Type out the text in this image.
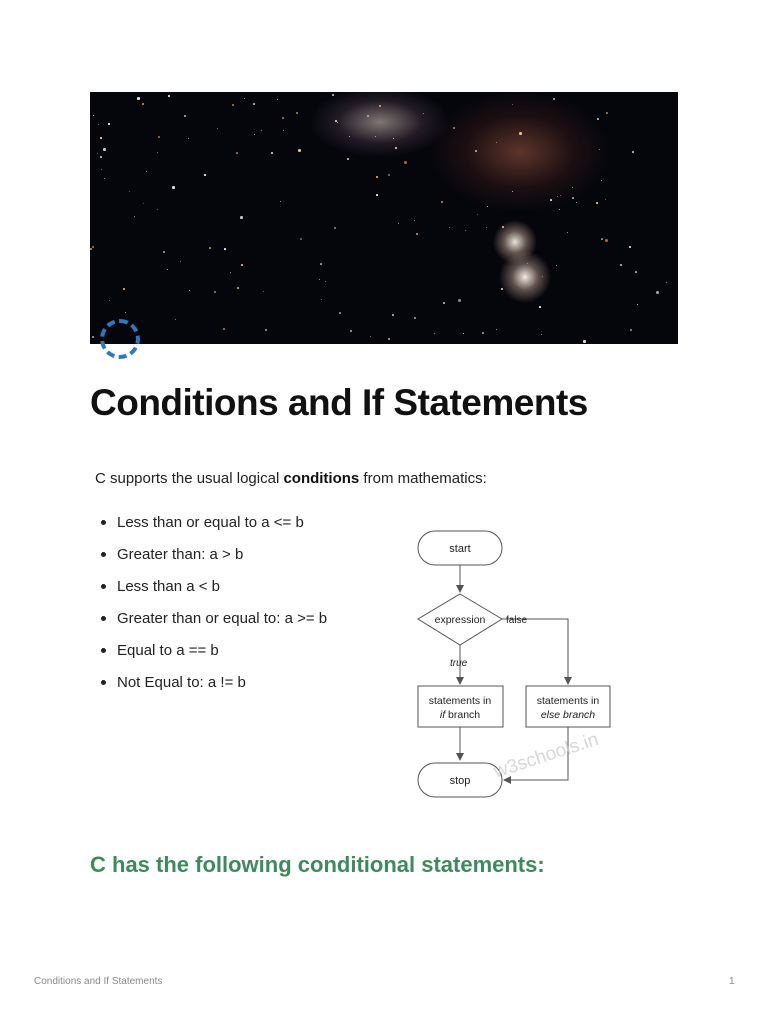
Conditions and If Statements

C supports the usual logical conditions from mathematics:

Less than or equal to a <= b
Greater than: a > b
Less than a < b
Greater than or equal to: a >= b
Equal to a == b
Not Equal to: a != b
start
expression false
true
statements in
if branch
statements in
else branch
stop w3schools.in
C has the following conditional statements:
Conditions and If Statements	1
